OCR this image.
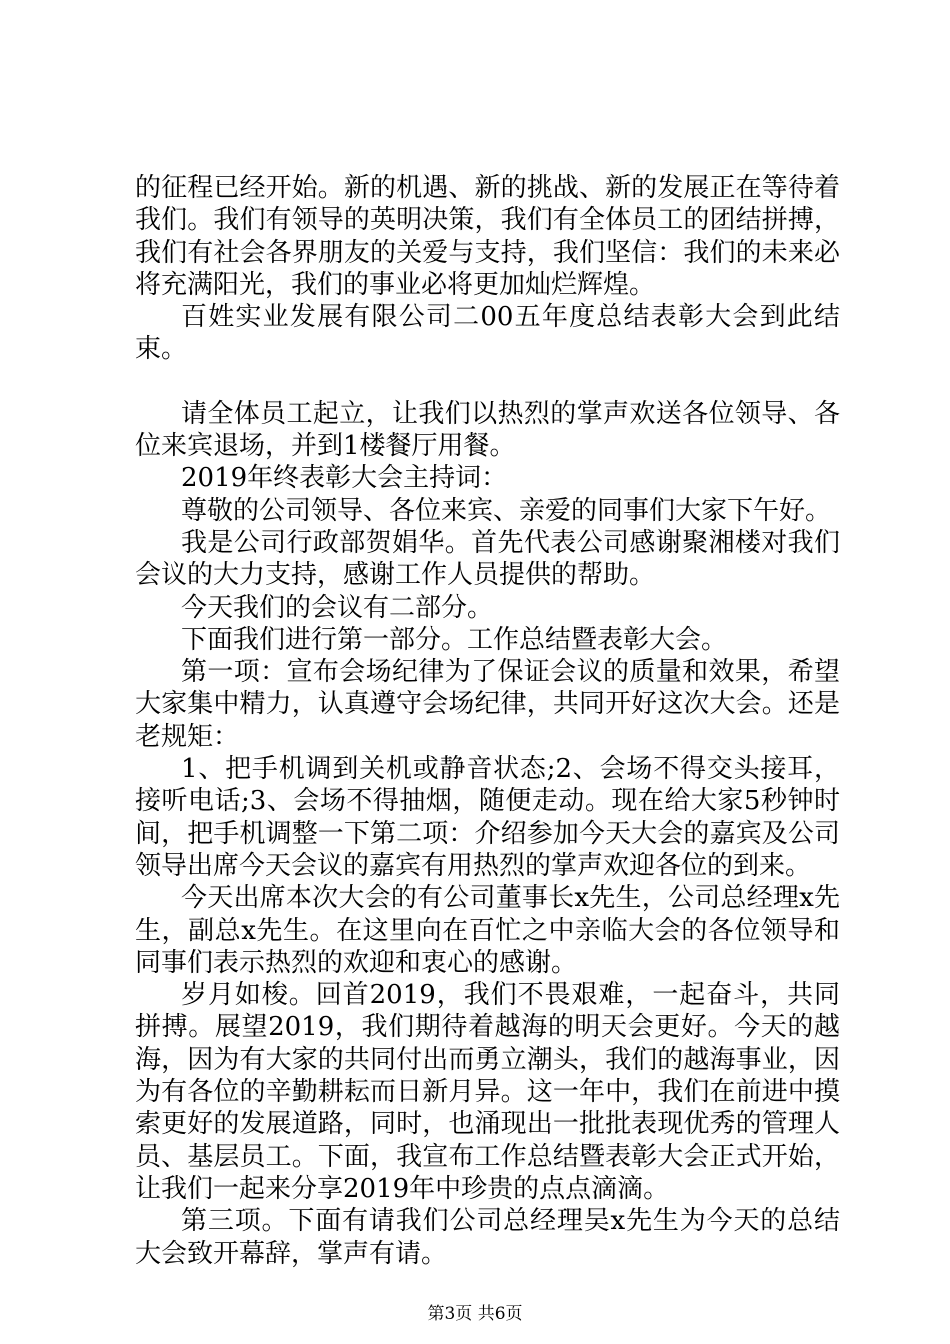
的征程已经开始。新的机遇、新的挑战、新的发展正在等待着我们。我们有领导的英明决策，我们有全体员工的团结拼搏，我们有社会各界朋友的关爱与支持，我们坚信：我们的未来必将充满阳光，我们的事业必将更加灿烂辉煌。

百姓实业发展有限公司二00五年度总结表彰大会到此结束。

请全体员工起立，让我们以热烈的掌声欢送各位领导、各位来宾退场，并到1楼餐厅用餐。

2019年终表彰大会主持词：

尊敬的公司领导、各位来宾、亲爱的同事们大家下午好。

我是公司行政部贺娟华。首先代表公司感谢聚湘楼对我们会议的大力支持，感谢工作人员提供的帮助。

今天我们的会议有二部分。

下面我们进行第一部分。工作总结暨表彰大会。

第一项：宣布会场纪律为了保证会议的质量和效果，希望大家集中精力，认真遵守会场纪律，共同开好这次大会。还是老规矩：

1、把手机调到关机或静音状态;2、会场不得交头接耳，接听电话;3、会场不得抽烟，随便走动。现在给大家5秒钟时间，把手机调整一下第二项：介绍参加今天大会的嘉宾及公司领导出席今天会议的嘉宾有用热烈的掌声欢迎各位的到来。

今天出席本次大会的有公司董事长x先生，公司总经理x先生，副总x先生。在这里向在百忙之中亲临大会的各位领导和同事们表示热烈的欢迎和衷心的感谢。

岁月如梭。回首2019，我们不畏艰难，一起奋斗，共同拼搏。展望2019，我们期待着越海的明天会更好。今天的越海，因为有大家的共同付出而勇立潮头，我们的越海事业，因为有各位的辛勤耕耘而日新月异。这一年中，我们在前进中摸索更好的发展道路，同时，也涌现出一批批表现优秀的管理人员、基层员工。下面，我宣布工作总结暨表彰大会正式开始，让我们一起来分享2019年中珍贵的点点滴滴。

第三项。下面有请我们公司总经理吴x先生为今天的总结大会致开幕辞，掌声有请。

第3页 共6页
